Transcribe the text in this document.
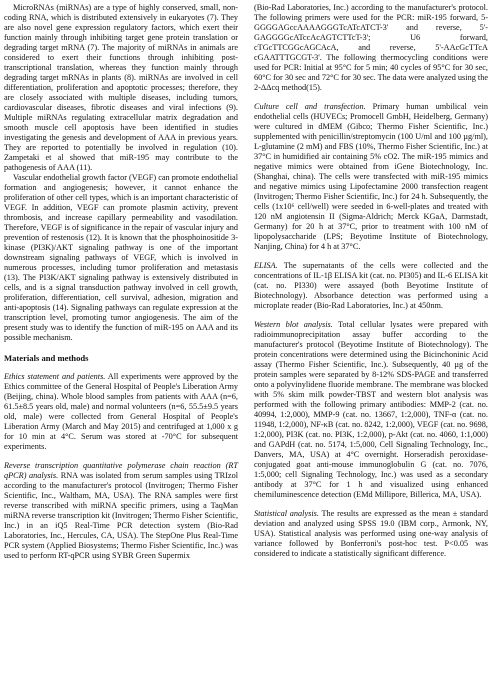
MicroRNAs (miRNAs) are a type of highly conserved, small, non-coding RNA, which is distributed extensively in eukaryotes (7). They are also novel gene expression regulatory factors, which exert their function mainly through inhibiting target gene protein translation or degrading target mRNA (7). The majority of miRNAs in animals are considered to exert their functions through inhibiting post-transcriptional translation, whereas they function mainly through degrading target mRNAs in plants (8). miRNAs are involved in cell differentiation, proliferation and apoptotic processes; therefore, they are closely associated with multiple diseases, including tumors, cardiovascular diseases, fibrotic diseases and viral infections (9). Multiple miRNAs regulating extracellular matrix degradation and smooth muscle cell apoptosis have been identified in studies investigating the genesis and development of AAA in previous years. They are reported to potentially be involved in regulation (10). Zampetaki et al showed that miR-195 may contribute to the pathogenesis of AAA (11).

Vascular endothelial growth factor (VEGF) can promote endothelial formation and angiogenesis; however, it cannot enhance the proliferation of other cell types, which is an important characteristic of VEGF. In addition, VEGF can promote plasmin activity, prevent thrombosis, and increase capillary permeability and vasodilation. Therefore, VEGF is of significance in the repair of vascular injury and prevention of restenosis (12). It is known that the phosphoinositide 3-kinase (PI3K)/AKT signaling pathway is one of the important downstream signaling pathways of VEGF, which is involved in numerous processes, including tumor proliferation and metastasis (13). The PI3K/AKT signaling pathway is extensively distributed in cells, and is a signal transduction pathway involved in cell growth, proliferation, differentiation, cell survival, adhesion, migration and anti-apoptosis (14). Signaling pathways can regulate expression at the transcription level, promoting tumor angiogenesis. The aim of the present study was to identify the function of miR-195 on AAA and its possible mechanism.

Materials and methods

Ethics statement and patients. All experiments were approved by the Ethics committee of the General Hospital of People's Liberation Army (Beijing, china). Whole blood samples from patients with AAA (n=6, 61.5±8.5 years old, male) and normal volunteers (n=6, 55.5±9.5 years old, male) were collected from General Hospital of People's Liberation Army (March and May 2015) and centrifuged at 1,000 x g for 10 min at 4°C. Serum was stored at -70°C for subsequent experiments.

Reverse transcription quantitative polymerase chain reaction (RT qPCR) analysis. RNA was isolated from serum samples using TRIzol according to the manufacturer's protocol (Invitrogen; Thermo Fisher Scientific, Inc., Waltham, MA, USA). The RNA samples were first reverse transcribed with miRNA specific primers, using a TaqMan miRNA reverse transcription kit (Invitrogen; Thermo Fisher Scientific, Inc.) in an iQ5 Real-Time PCR detection system (Bio-Rad Laboratories, Inc., Hercules, CA, USA). The StepOne Plus Real-Time PCR system (Applied Biosystems; Thermo Fisher Scientific, Inc.) was used to perform RT-qPCR using SYBR Green Supermix

(Bio-Rad Laboratories, Inc.) according to the manufacturer's protocol. The following primers were used for the PCR: miR-195 forward, 5-GGGGAGccAAAAGGGTcATcATCT-3' and reverse, 5'-GAGGGGcATccAcAGTCTTcT-3'; U6 forward, cTGcTTCGGcAGCAcA, and reverse, 5'-AAcGcTTcA cGAATTTGCGT-3'. The following thermocycling conditions were used for PCR: Initial at 95°C for 5 min; 40 cycles of 95°C for 30 sec, 60°C for 30 sec and 72°C for 30 sec. The data were analyzed using the 2-ΔΔcq method(15).

Culture cell and transfection. Primary human umbilical vein endothelial cells (HUVECs; Promocell GmbH, Heidelberg, Germany) were cultured in dMEM (Gibco; Thermo Fisher Scientific, Inc.) supplemented with penicillin/streptomycin (100 U/ml and 100 µg/ml), L-glutamine (2 mM) and FBS (10%, Thermo Fisher Scientific, Inc.) at 37°C in humidified air containing 5% cO2. The miR-195 mimics and negative mimics were obtained from iGene Biotechnology, Inc. (Shanghai, china). The cells were transfected with miR-195 mimics and negative mimics using Lipofectamine 2000 transfection reagent (Invitrogen; Thermo Fisher Scientific, Inc.) for 24 h. Subsequently, the cells (1x10⁶ cell/well) were seeded in 6-well-plates and treated with 120 nM angiotensin II (Sigma-Aldrich; Merck KGaA, Darmstadt, Germany) for 20 h at 37°C, prior to treatment with 100 nM of lipopolysaccharide (LPS; Beyotime Institute of Biotechnology, Nanjing, China) for 4 h at 37°C.

ELISA. The supernatants of the cells were collected and the concentrations of IL-1β ELISA kit (cat. no. PI305) and IL-6 ELISA kit (cat. no. PI330) were assayed (both Beyotime Institute of Biotechnology). Absorbance detection was performed using a microplate reader (Bio-Rad Laboratories, Inc.) at 450nm.

Western blot analysis. Total cellular lysates were prepared with radioimmunoprecipitation assay buffer according to the manufacturer's protocol (Beyotime Institute of Biotechnology). The protein concentrations were determined using the Bicinchoninic Acid assay (Thermo Fisher Scientific, Inc.). Subsequently, 40 µg of the protein samples were separated by 8-12% SDS-PAGE and transferred onto a polyvinylidene fluoride membrane. The membrane was blocked with 5% skim milk powder-TBST and western blot analysis was performed with the following primary antibodies: MMP-2 (cat. no. 40994, 1:2,000), MMP-9 (cat. no. 13667, 1:2,000), TNF-α (cat. no. 11948, 1:2,000), NF-κB (cat. no. 8242, 1:2,000), VEGF (cat. no. 9698, 1:2,000), PI3K (cat. no. PI3K, 1:2,000), p-Akt (cat. no. 4060, 1:1,000) and GAPdH (cat. no. 5174, 1:5,000, Cell Signaling Technology, Inc., Danvers, MA, USA) at 4°C overnight. Horseradish peroxidase-conjugated goat anti-mouse immunoglobulin G (cat. no. 7076, 1:5,000; cell Signaling Technology, Inc.) was used as a secondary antibody at 37°C for 1 h and visualized using enhanced chemiluminescence detection (EMd Millipore, Billerica, MA, USA).

Statistical analysis. The results are expressed as the mean ± standard deviation and analyzed using SPSS 19.0 (IBM corp., Armonk, NY, USA). Statistical analysis was performed using one-way analysis of variance followed by Bonferroni's post-hoc test. P<0.05 was considered to indicate a statistically significant difference.
